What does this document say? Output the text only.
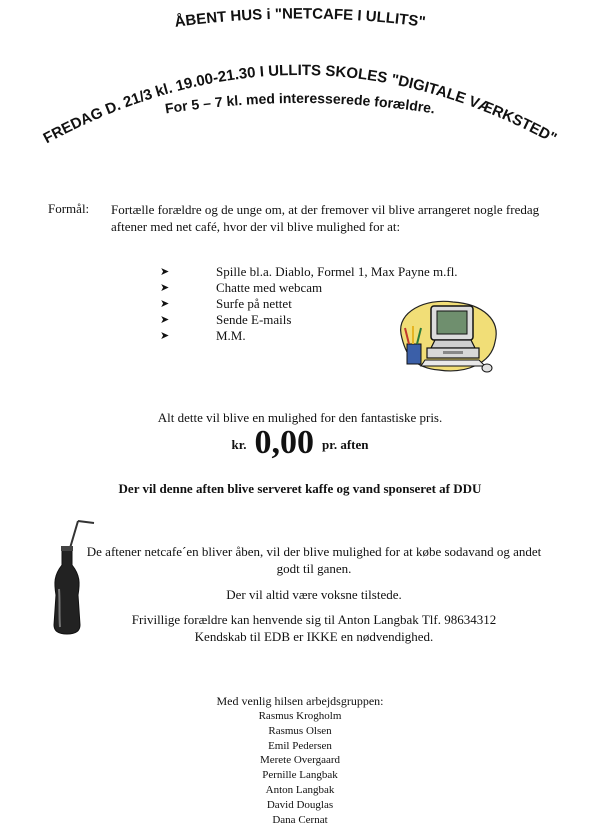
ÅBENT HUS i "NETCAFE I ULLITS"
FREDAG D. 21/3 kl. 19.00-21.30 I ULLITS SKOLES "DIGITALE VÆRKSTED"
For 5 – 7 kl. med interesserede forældre.
Formål: Fortælle forældre og de unge om, at der fremover vil blive arrangeret nogle fredag aftener med net café, hvor der vil blive mulighed for at:
➤	Spille bl.a. Diablo, Formel 1, Max Payne m.fl.
➤	Chatte med webcam
➤	Surfe på nettet
➤	Sende E-mails
➤	M.M.
Alt dette vil blive en mulighed for den fantastiske pris.
kr. 0,00 pr. aften
Der vil denne aften blive serveret kaffe og vand sponseret af DDU
De aftener netcafe´en bliver åben, vil der blive mulighed for at købe sodavand og andet godt til ganen.
Der vil altid være voksne tilstede.
Frivillige forældre kan henvende sig til Anton Langbak Tlf. 98634312
Kendskab til EDB er IKKE en nødvendighed.
Med venlig hilsen arbejdsgruppen:
Rasmus Krogholm
Rasmus Olsen
Emil Pedersen
Merete Overgaard
Pernille Langbak
Anton Langbak
David Douglas
Dana Cernat
